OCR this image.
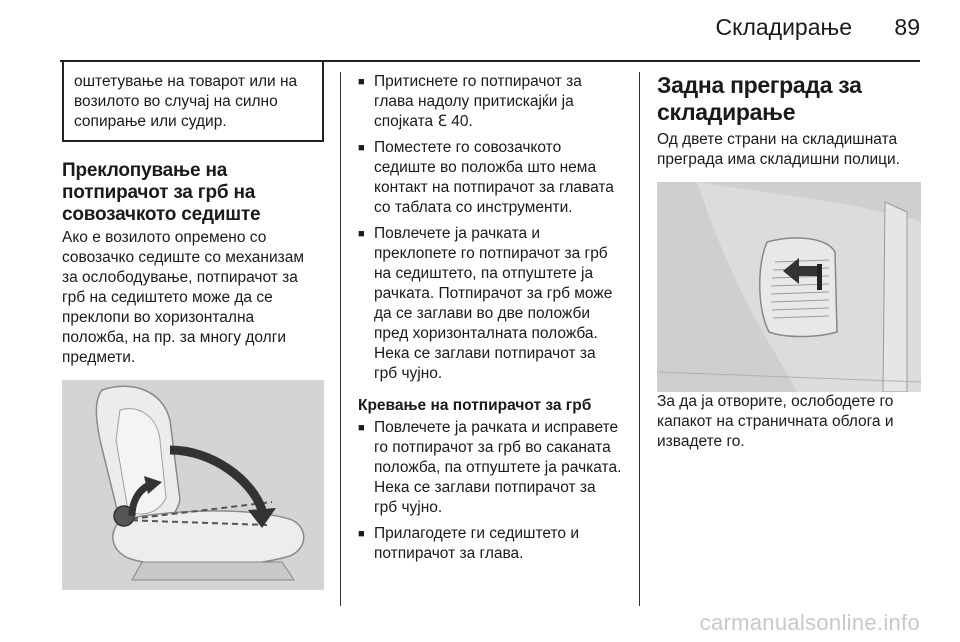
Складирање 89

оштетување на товарот или на возилото во случај на силно сопирање или судир.

Преклопување на потпирачот за грб на совозачкото седиште

Ако е возилото опремено со совозачко седиште со механизам за ослободување, потпирачот за грб на седиштето може да се преклопи во хоризонтална положба, на пр. за многу долги предмети.

■ Притиснете го потпирачот за глава надолу притискајќи ја спојката ℇ 40.
■ Поместете го совозачкото седиште во положба што нема контакт на потпирачот за главата со таблата со инструменти.
■ Повлечете ја рачката и преклопете го потпирачот за грб на седиштето, па отпуштете ја рачката. Потпирачот за грб може да се заглави во две положби пред хоризонталната положба. Нека се заглави потпирачот за грб чујно.
Кревање на потпирачот за грб
■ Повлечете ја рачката и исправете го потпирачот за грб во саканата положба, па отпуштете ја рачката. Нека се заглави потпирачот за грб чујно.
■ Прилагодете ги седиштето и потпирачот за глава.
Задна преграда за складирање

Од двете страни на складишната преграда има складишни полици.

За да ја отворите, ослободете го капакот на страничната облога и извадете го.

carmanualsonline.info
